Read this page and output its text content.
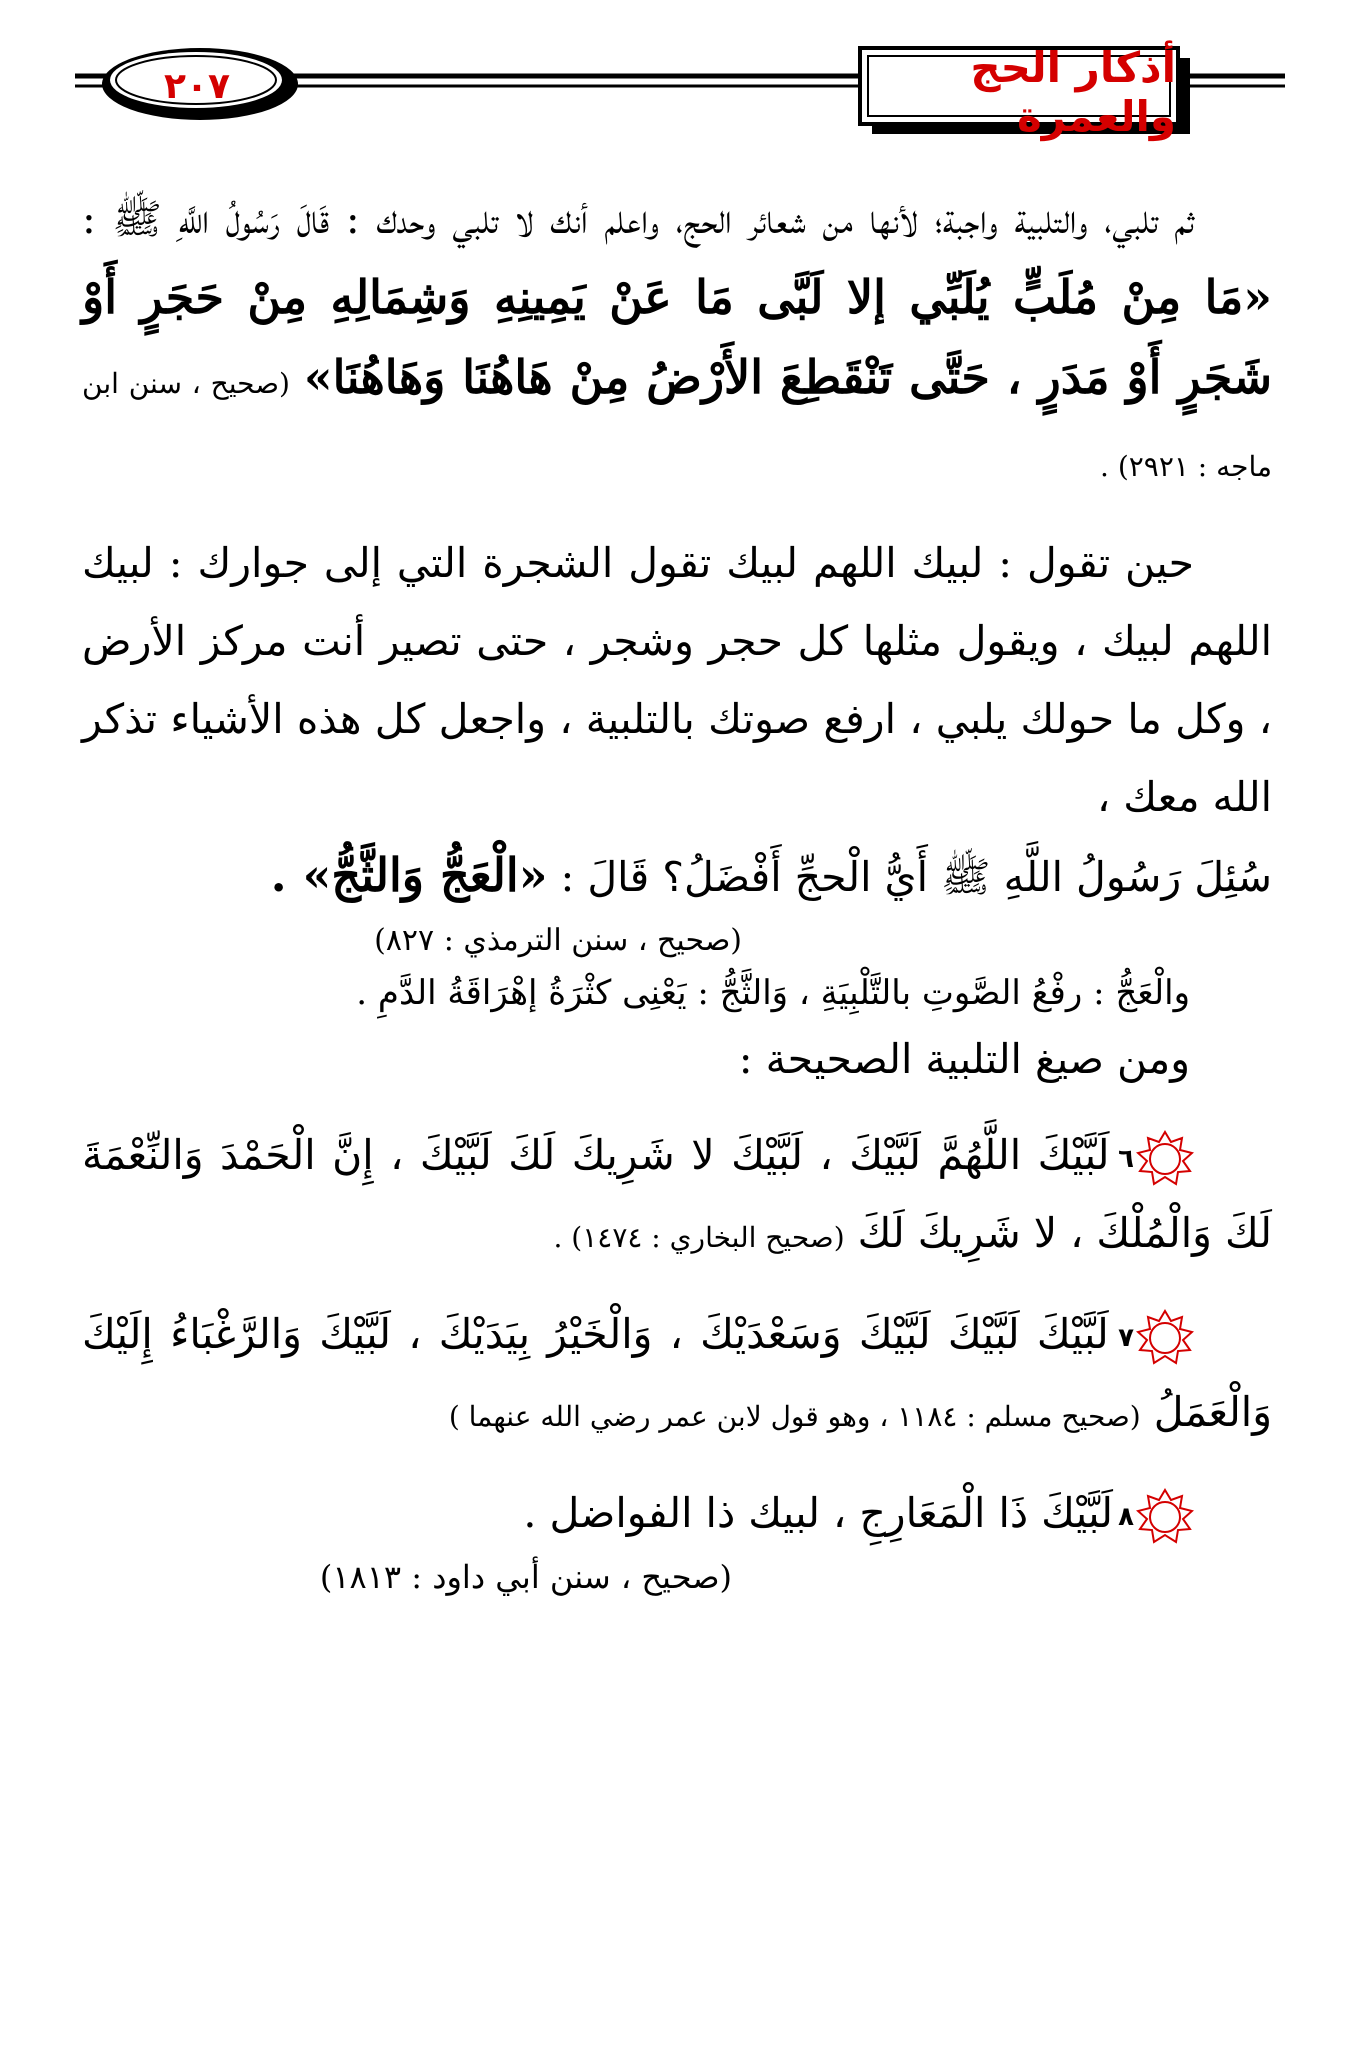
أذكار الحج والعمرة
٢٠٧

ثم تلبي، والتلبية واجبة؛ لأنها من شعائر الحج، واعلم أنك لا تلبي وحدك : قَالَ رَسُولُ اللَّهِ ﷺ : «مَا مِنْ مُلَبٍّ يُلَبِّي إلا لَبَّى مَا عَنْ يَمِينِهِ وَشِمَالِهِ مِنْ حَجَرٍ أَوْ شَجَرٍ أَوْ مَدَرٍ ، حَتَّى تَنْقَطِعَ الأَرْضُ مِنْ هَاهُنَا وَهَاهُنَا» (صحيح ، سنن ابن ماجه : ٢٩٢١) .

حين تقول : لبيك اللهم لبيك تقول الشجرة التي إلى جوارك : لبيك اللهم لبيك ، ويقول مثلها كل حجر وشجر ، حتى تصير أنت مركز الأرض ، وكل ما حولك يلبي ، ارفع صوتك بالتلبية ، واجعل كل هذه الأشياء تذكر الله معك ،

سُئِلَ رَسُولُ اللَّهِ ﷺ أَيُّ الْحجِّ أَفْضَلُ؟ قَالَ : «الْعَجُّ وَالثَّجُّ» .

(صحيح ، سنن الترمذي : ٨٢٧)

والْعَجُّ : رفْعُ الصَّوتِ بالتَّلْبِيَةِ ، وَالثَّجُّ : يَعْنِى كثْرَةُ إهْرَاقَةُ الدَّمِ .

ومن صيغ التلبية الصحيحة :

٦
لَبَّيْكَ اللَّهُمَّ لَبَّيْكَ ، لَبَّيْكَ لا شَرِيكَ لَكَ لَبَّيْكَ ، إِنَّ الْحَمْدَ وَالنِّعْمَةَ لَكَ وَالْمُلْكَ ، لا شَرِيكَ لَكَ (صحيح البخاري : ١٤٧٤) .

٧
لَبَّيْكَ لَبَّيْكَ لَبَّيْكَ وَسَعْدَيْكَ ، وَالْخَيْرُ بِيَدَيْكَ ، لَبَّيْكَ وَالرَّغْبَاءُ إِلَيْكَ وَالْعَمَلُ (صحيح مسلم : ١١٨٤ ، وهو قول لابن عمر رضي الله عنهما )

٨
لَبَّيْكَ ذَا الْمَعَارِجِ ، لبيك ذا الفواضل .

(صحيح ، سنن أبي داود : ١٨١٣)
